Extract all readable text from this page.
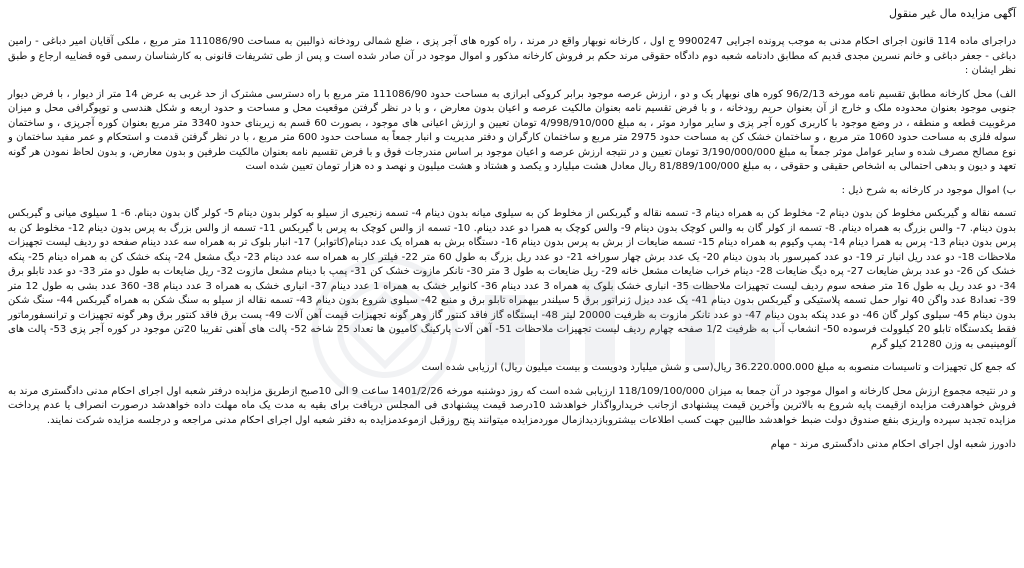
آگهی مزایده مال غیر منقول

دراجرای ماده 114 قانون اجرای احکام مدنی به موجب پرونده اجرایی 9900247 ج اول ، کارخانه نوبهار واقع در مرند ، راه کوره های آجر پزی ، ضلع شمالی رودخانه ذوالبین به مساحت 111086/90 متر مربع ، ملکی آقایان امیر دباغی - رامین دباغی - جعفر دباغی و خانم نسرین مجدی قدیم که مطابق دادنامه شعبه دوم دادگاه حقوقی مرند حکم بر فروش کارخانه مذکور و اموال موجود در آن صادر شده است و پس از طی تشریفات قانونی به کارشناسان رسمی قوه قضاییه ارجاع و طبق نظر ایشان :

الف) محل کارخانه مطابق تقسیم نامه مورخه 96/2/13 کوره های نوبهار یک و دو ، ارزش عرصه موجود برابر کروکی ابرازی به مساحت حدود 111086/90 متر مربع با راه دسترسی مشترک از حد غربی به عرض 14 متر از دیوار ، با فرض دیوار جنوبی موجود بعنوان محدوده ملک و خارج از آن بعنوان حریم رودخانه ، و با فرض تقسیم نامه بعنوان مالکیت عرصه و اعیان بدون معارض ، و با در نظر گرفتن موقعیت محل و مساحت و حدود اربعه و شکل هندسی و توپوگرافی محل و میزان مرغوبیت قطعه و منطقه ، در وضع موجود با کاربری کوره آجر پزی و سایر موارد موثر ، به مبلغ 4/998/910/000 تومان تعیین و ارزش اعیانی های موجود ، بصورت 60 قسم به زیربنای حدود 3340 متر مربع بعنوان کوره آجرپزی ، و ساختمان سوله فلزی به مساحت حدود 1060 متر مربع ، و ساختمان خشک کن به مساحت حدود 2975 متر مربع و ساختمان کارگران و دفتر مدیریت و انبار جمعاً به مساحت حدود 600 متر مربع ، با در نظر گرفتن قدمت و استحکام و عمر مفید ساختمان و نوع مصالح مصرف شده و سایر عوامل موثر جمعاً به مبلغ 3/190/000/000 تومان تعیین و در نتیجه ارزش عرصه و اعیان موجود بر اساس مندرجات فوق و با فرض تقسیم نامه بعنوان مالکیت طرفین و بدون معارض، و بدون لحاظ نمودن هر گونه تعهد و دیون و بدهی احتمالی به اشخاص حقیقی و حقوقی ، به مبلغ 81/889/100/000 ریال معادل هشت میلیارد و یکصد و هشتاد و هشت میلیون و نهصد و ده هزار تومان تعیین شده است

ب) اموال موجود در کارخانه به شرح ذیل :

تسمه نقاله و گیربکس مخلوط کن بدون دینام 2- مخلوط کن به همراه دینام 3- تسمه نقاله و گیربکس از مخلوط کن به سیلوی میانه بدون دینام 4- تسمه زنجیری از سیلو به کولر بدون دینام 5- کولر گان بدون دینام. 6- 1 سیلوی میانی و گیربکس بدون دینام. 7- والس بزرگ به همراه دینام. 8- تسمه از کولر گان به والس کوچک بدون دینام 9- والس کوچک به همرا دو عدد دینام. 10- تسمه از والس کوچک به پرس با گیربکس 11- تسمه از والس بزرگ به پرس بدون دینام 12- مخلوط کن به پرس بدون دینام 13- پرس به همرا دینام 14- پمپ وکیوم به همراه دینام 15- تسمه ضایعات از برش به پرس بدون دینام 16- دستگاه برش به همراه یک عدد دینام(کاتوابر) 17- انبار بلوک تر به همراه سه عدد دینام صفحه دو ردیف لیست تجهیزات ملاحظات 18- دو عدد ریل انبار تر 19- دو عدد کمپرسور باد بدون دینام 20- یک عدد برش چهار سوراخه 21- دو عدد ریل بزرگ به طول 60 متر 22- فیلتر کار به همراه سه عدد دینام 23- دیگ مشعل 24- پنکه خشک کن به همراه دینام 25- پنکه خشک کن 26- دو عدد برش ضایعات 27- پره دیگ ضایعات 28- دینام خراب ضایعات مشعل خانه 29- ریل ضایعات به طول 3 متر 30- تانکر مازوت خشک کن 31- پمپ با دینام مشعل مازوت 32- ریل ضایعات به طول دو متر 33- دو عدد تابلو برق 34- دو عدد ریل به طول 16 متر صفحه سوم ردیف لیست تجهیزات ملاحظات 35- انباری خشک بلوک به همراه 3 عدد دینام 36- کانوایر خشک به همراه 1 عدد دینام 37- انباری خشک به همراه 3 عدد دینام 38- 360 عدد بشی به طول 12 متر 39- تعداد8 عدد واگن 40 نوار حمل تسمه پلاستیکی و گیربکس بدون دینام 41- یک عدد دیزل ژنراتور برق 5 سیلندر بیهمراه تابلو برق و منبع 42- سیلوی شروع بدون دینام 43- تسمه نقاله از سیلو به سنگ شکن به همراه گیربکس 44- سنگ شکن بدون دینام 45- سیلوی کولر گان 46- دو عدد پنکه بدون دینام 47- دو عدد تانکر مازوت به ظرفیت 20000 لیتر 48- ایستگاه گاز فاقد کنتور گاز وهر گونه تجهیزات قیمت آهن آلات 49- پست برق فاقد کنتور برق وهر گونه تجهیزات و ترانسفورماتور فقط یکدستگاه تابلو 20 کیلوولت فرسوده 50- انشعاب آب به ظرفیت 1/2 صفحه چهارم ردیف لیست تجهیزات ملاحظات 51- آهن آلات پارکینگ کامیون ها تعداد 25 شاخه 52- پالت های آهنی تقریبا 20تن موجود در کوره آجر پزی 53- پالت های آلومینیمی به وزن 21280 کیلو گرم

که جمع کل تجهیزات و تاسیسات منصوبه به مبلغ 36.220.000.000 ریال(سی و شش میلیارد ودویست و بیست میلیون ریال) ارزیابی شده است

و در نتیجه مجموع ارزش محل کارخانه و اموال موجود در آن جمعا به میزان 118/109/100/000 ارزیابی شده است که روز دوشنبه مورخه 1401/2/26 ساعت 9 الی 10صبح ازطریق مزایده درفتر شعبه اول اجرای احکام مدنی دادگستری مرند به فروش خواهدرفت مزایده ازقیمت پایه شروع به بالاترین وآخرین قیمت پیشنهادی ازجانب خریدارواگذار خواهدشد 10درصد قیمت پیشنهادی فی المجلس دریافت برای بقیه به مدت یک ماه مهلت داده خواهدشد درصورت انصراف یا عدم پرداخت مزایده تجدید سپرده واریزی بنفع صندوق دولت ضبط خواهدشد طالبین جهت کسب اطلاعات بیشتروبازدیدازمال موردمزایده میتوانند پنج روزقبل ازموعدمزایده به دفتر شعبه اول اجرای احکام مدنی مراجعه و درجلسه مزایده شرکت نمایند.

دادورز شعبه اول اجرای احکام مدنی دادگستری مرند - مهام
